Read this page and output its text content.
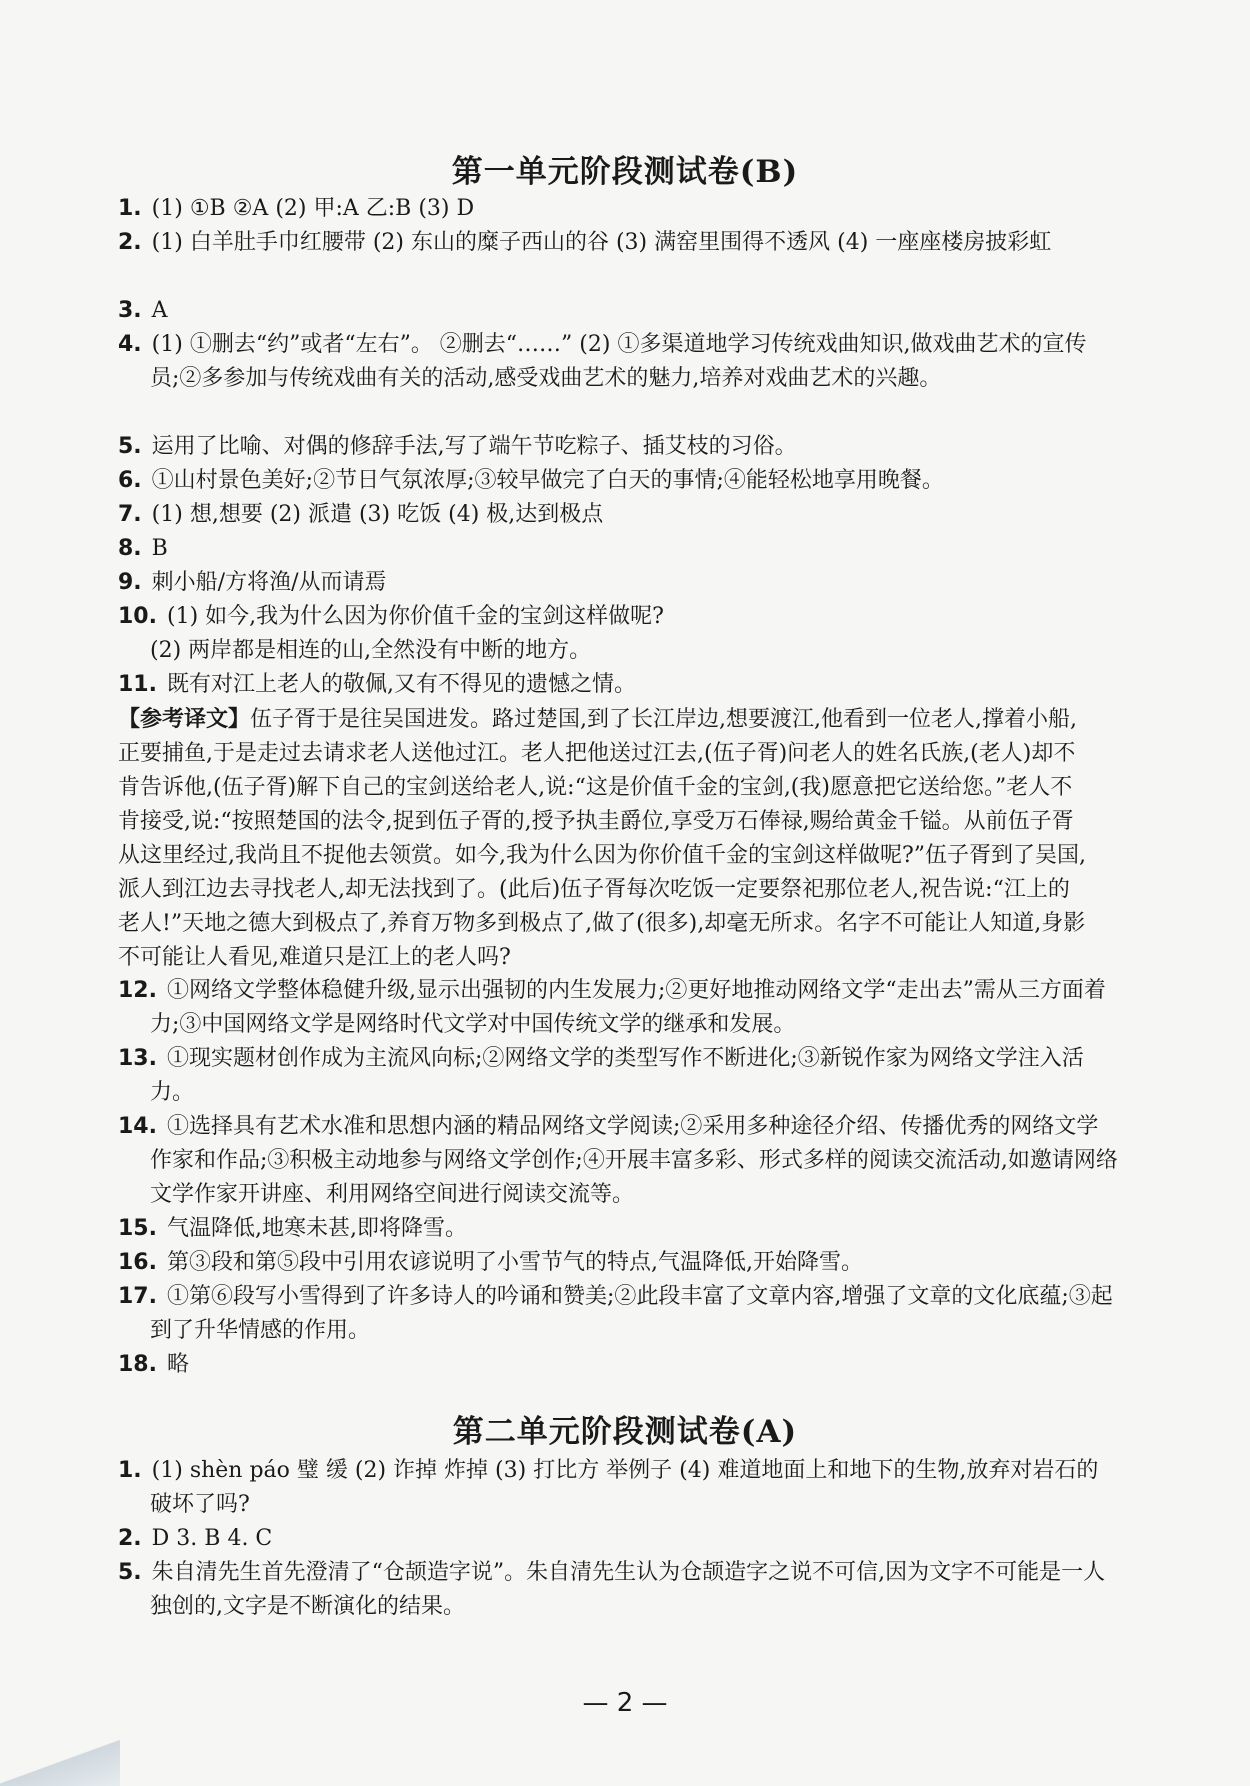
第一单元阶段测试卷(B)
1. (1) ①B ②A (2) 甲:A 乙:B (3) D
2. (1) 白羊肚手巾红腰带 (2) 东山的糜子西山的谷 (3) 满窑里围得不透风 (4) 一座座楼房披彩虹
3. A
4. (1) ①删去“约”或者“左右”。 ②删去“……” (2) ①多渠道地学习传统戏曲知识,做戏曲艺术的宣传员;②多参加与传统戏曲有关的活动,感受戏曲艺术的魅力,培养对戏曲艺术的兴趣。
5. 运用了比喻、对偶的修辞手法,写了端午节吃粽子、插艾枝的习俗。
6. ①山村景色美好;②节日气氛浓厚;③较早做完了白天的事情;④能轻松地享用晚餐。
7. (1) 想,想要 (2) 派遣 (3) 吃饭 (4) 极,达到极点
8. B
9. 刺小船/方将渔/从而请焉
10. (1) 如今,我为什么因为你价值千金的宝剑这样做呢?
(2) 两岸都是相连的山,全然没有中断的地方。
11. 既有对江上老人的敬佩,又有不得见的遗憾之情。
【参考译文】伍子胥于是往吴国进发。路过楚国,到了长江岸边,想要渡江,他看到一位老人,撑着小船,正要捕鱼,于是走过去请求老人送他过江。老人把他送过江去,(伍子胥)问老人的姓名氏族,(老人)却不肯告诉他,(伍子胥)解下自己的宝剑送给老人,说:“这是价值千金的宝剑,(我)愿意把它送给您。”老人不肯接受,说:“按照楚国的法令,捉到伍子胥的,授予执圭爵位,享受万石俸禄,赐给黄金千镒。从前伍子胥从这里经过,我尚且不捉他去领赏。如今,我为什么因为你价值千金的宝剑这样做呢?”伍子胥到了吴国,派人到江边去寻找老人,却无法找到了。(此后)伍子胥每次吃饭一定要祭祀那位老人,祝告说:“江上的老人!”天地之德大到极点了,养育万物多到极点了,做了(很多),却毫无所求。名字不可能让人知道,身影不可能让人看见,难道只是江上的老人吗?
12. ①网络文学整体稳健升级,显示出强韧的内生发展力;②更好地推动网络文学“走出去”需从三方面着力;③中国网络文学是网络时代文学对中国传统文学的继承和发展。
13. ①现实题材创作成为主流风向标;②网络文学的类型写作不断进化;③新锐作家为网络文学注入活力。
14. ①选择具有艺术水准和思想内涵的精品网络文学阅读;②采用多种途径介绍、传播优秀的网络文学作家和作品;③积极主动地参与网络文学创作;④开展丰富多彩、形式多样的阅读交流活动,如邀请网络文学作家开讲座、利用网络空间进行阅读交流等。
15. 气温降低,地寒未甚,即将降雪。
16. 第③段和第⑤段中引用农谚说明了小雪节气的特点,气温降低,开始降雪。
17. ①第⑥段写小雪得到了许多诗人的吟诵和赞美;②此段丰富了文章内容,增强了文章的文化底蕴;③起到了升华情感的作用。
18. 略
第二单元阶段测试卷(A)
1. (1) shèn páo 璧 缓 (2) 诈掉 炸掉 (3) 打比方 举例子 (4) 难道地面上和地下的生物,放弃对岩石的破坏了吗?
2. D 3. B 4. C
5. 朱自清先生首先澄清了“仓颉造字说”。朱自清先生认为仓颉造字之说不可信,因为文字不可能是一人独创的,文字是不断演化的结果。
— 2 —
